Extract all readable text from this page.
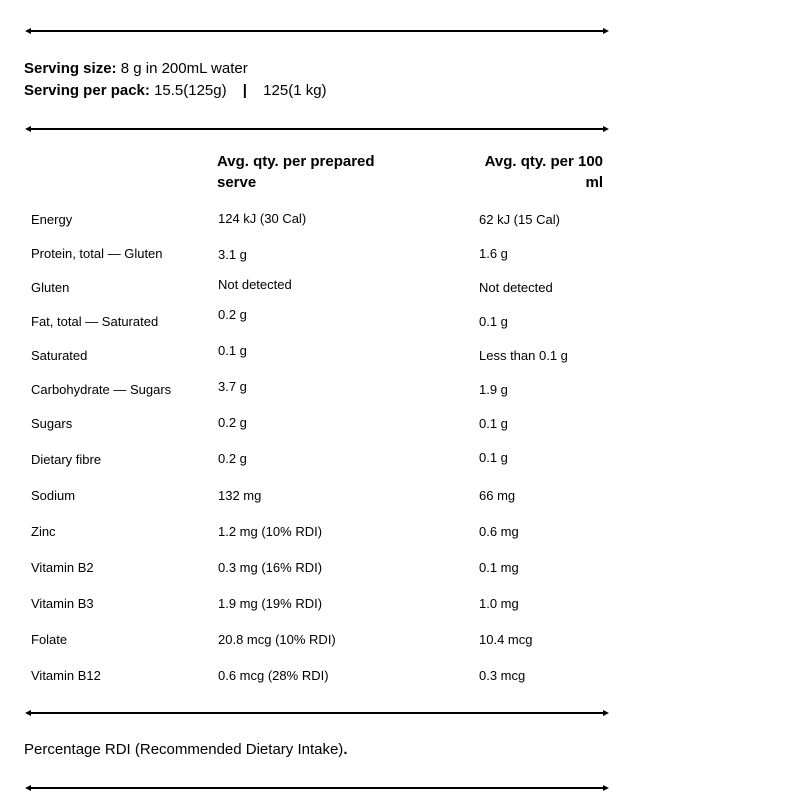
Serving size: 8 g in 200mL water
Serving per pack: 15.5(125g) | 125(1 kg)
Avg. qty. per prepared serve
Avg. qty. per 100 ml
Energy	124 kJ (30 Cal)	62 kJ (15 Cal)
Protein, total — Gluten	3.1 g	1.6 g
Gluten	Not detected	Not detected
Fat, total — Saturated	0.2 g	0.1 g
Saturated	0.1 g	Less than 0.1 g
Carbohydrate — Sugars	3.7 g	1.9 g
Sugars	0.2 g	0.1 g
Dietary fibre	0.2 g	0.1 g
Sodium	132 mg	66 mg
Zinc	1.2 mg (10% RDI)	0.6 mg
Vitamin B2	0.3 mg (16% RDI)	0.1 mg
Vitamin B3	1.9 mg (19% RDI)	1.0 mg
Folate	20.8 mcg (10% RDI)	10.4 mcg
Vitamin B12	0.6 mcg (28% RDI)	0.3 mcg
Percentage RDI (Recommended Dietary Intake).
